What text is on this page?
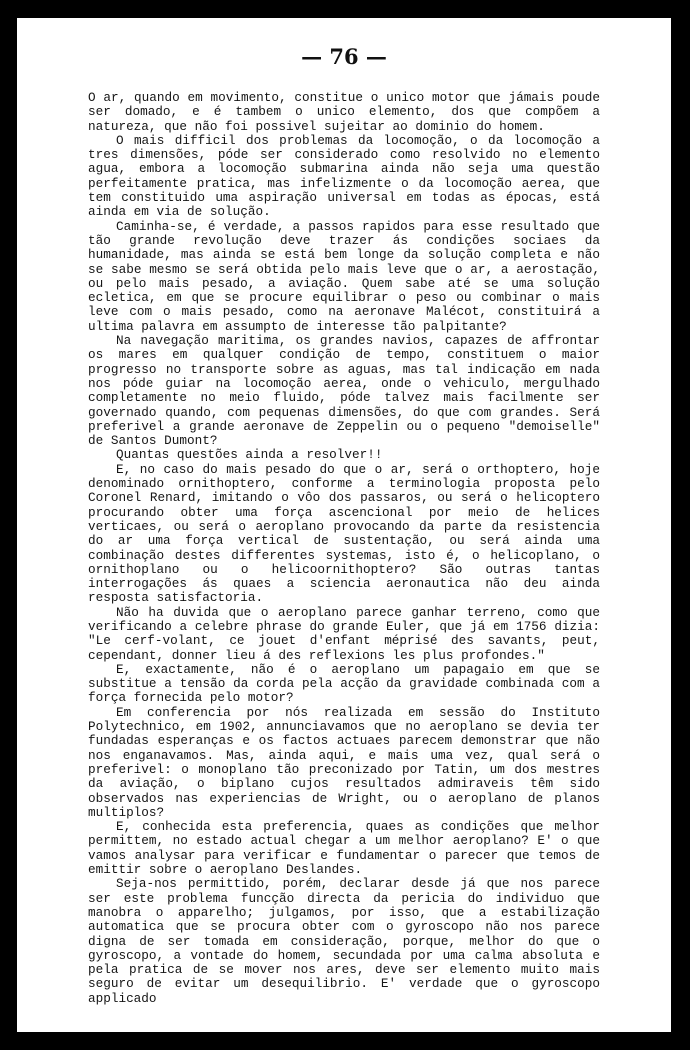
— 76 —

O ar, quando em movimento, constitue o unico motor que jámais poude ser domado, e é tambem o unico elemento, dos que compõem a natureza, que não foi possivel sujeitar ao dominio do homem.

O mais difficil dos problemas da locomoção, o da locomoção a tres dimensões, póde ser considerado como resolvido no elemento agua, embora a locomoção submarina ainda não seja uma questão perfeitamente pratica, mas infelizmente o da locomoção aerea, que tem constituido uma aspiração universal em todas as épocas, está ainda em via de solução.

Caminha-se, é verdade, a passos rapidos para esse resultado que tão grande revolução deve trazer ás condições sociaes da humanidade, mas ainda se está bem longe da solução completa e não se sabe mesmo se será obtida pelo mais leve que o ar, a aerostação, ou pelo mais pesado, a aviação. Quem sabe até se uma solução ecletica, em que se procure equilibrar o peso ou combinar o mais leve com o mais pesado, como na aeronave Malécot, constituirá a ultima palavra em assumpto de interesse tão palpitante?

Na navegação maritima, os grandes navios, capazes de affrontar os mares em qualquer condição de tempo, constituem o maior progresso no transporte sobre as aguas, mas tal indicação em nada nos póde guiar na locomoção aerea, onde o vehiculo, mergulhado completamente no meio fluido, póde talvez mais facilmente ser governado quando, com pequenas dimensões, do que com grandes. Será preferivel a grande aeronave de Zeppelin ou o pequeno "demoiselle" de Santos Dumont?

Quantas questões ainda a resolver!!

E, no caso do mais pesado do que o ar, será o orthoptero, hoje denominado ornithoptero, conforme a terminologia proposta pelo Coronel Renard, imitando o vôo dos passaros, ou será o helicoptero procurando obter uma força ascencional por meio de helices verticaes, ou será o aeroplano provocando da parte da resistencia do ar uma força vertical de sustentação, ou será ainda uma combinação destes differentes systemas, isto é, o helicoplano, o ornithoplano ou o helicoornithoptero? São outras tantas interrogações ás quaes a sciencia aeronautica não deu ainda resposta satisfactoria.

Não ha duvida que o aeroplano parece ganhar terreno, como que verificando a celebre phrase do grande Euler, que já em 1756 dizia: "Le cerf-volant, ce jouet d'enfant méprisé des savants, peut, cependant, donner lieu á des reflexions les plus profondes."

E, exactamente, não é o aeroplano um papagaio em que se substitue a tensão da corda pela acção da gravidade combinada com a força fornecida pelo motor?

Em conferencia por nós realizada em sessão do Instituto Polytechnico, em 1902, annunciavamos que no aeroplano se devia ter fundadas esperanças e os factos actuaes parecem demonstrar que não nos enganavamos. Mas, ainda aqui, e mais uma vez, qual será o preferivel: o monoplano tão preconizado por Tatin, um dos mestres da aviação, o biplano cujos resultados admiraveis têm sido observados nas experiencias de Wright, ou o aeroplano de planos multiplos?

E, conhecida esta preferencia, quaes as condições que melhor permittem, no estado actual chegar a um melhor aeroplano? E' o que vamos analysar para verificar e fundamentar o parecer que temos de emittir sobre o aeroplano Deslandes.

Seja-nos permittido, porém, declarar desde já que nos parece ser este problema funcção directa da pericia do individuo que manobra o apparelho; julgamos, por isso, que a estabilização automatica que se procura obter com o gyroscopo não nos parece digna de ser tomada em consideração, porque, melhor do que o gyroscopo, a vontade do homem, secundada por uma calma absoluta e pela pratica de se mover nos ares, deve ser elemento muito mais seguro de evitar um desequilibrio. E' verdade que o gyroscopo applicado
